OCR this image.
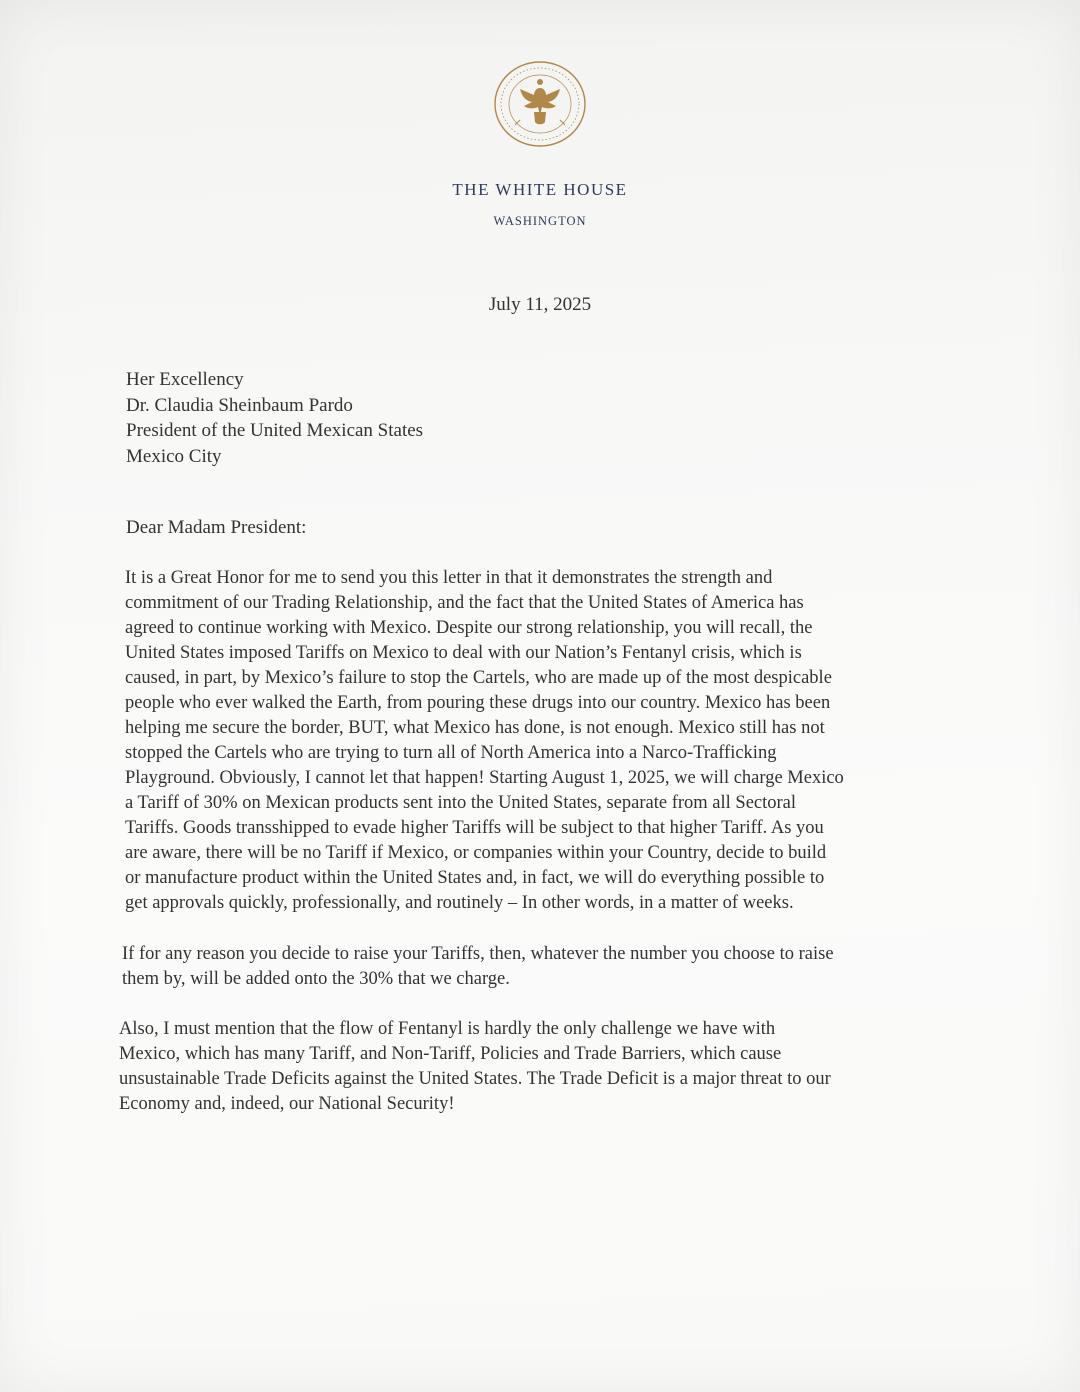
THE WHITE HOUSE
WASHINGTON
July 11, 2025
Her Excellency
Dr. Claudia Sheinbaum Pardo
President of the United Mexican States
Mexico City
Dear Madam President:
It is a Great Honor for me to send you this letter in that it demonstrates the strength and
commitment of our Trading Relationship, and the fact that the United States of America has
agreed to continue working with Mexico. Despite our strong relationship, you will recall, the
United States imposed Tariffs on Mexico to deal with our Nation’s Fentanyl crisis, which is
caused, in part, by Mexico’s failure to stop the Cartels, who are made up of the most despicable
people who ever walked the Earth, from pouring these drugs into our country. Mexico has been
helping me secure the border, BUT, what Mexico has done, is not enough. Mexico still has not
stopped the Cartels who are trying to turn all of North America into a Narco-Trafficking
Playground. Obviously, I cannot let that happen! Starting August 1, 2025, we will charge Mexico
a Tariff of 30% on Mexican products sent into the United States, separate from all Sectoral
Tariffs. Goods transshipped to evade higher Tariffs will be subject to that higher Tariff. As you
are aware, there will be no Tariff if Mexico, or companies within your Country, decide to build
or manufacture product within the United States and, in fact, we will do everything possible to
get approvals quickly, professionally, and routinely – In other words, in a matter of weeks.
If for any reason you decide to raise your Tariffs, then, whatever the number you choose to raise
them by, will be added onto the 30% that we charge.
Also, I must mention that the flow of Fentanyl is hardly the only challenge we have with
Mexico, which has many Tariff, and Non-Tariff, Policies and Trade Barriers, which cause
unsustainable Trade Deficits against the United States. The Trade Deficit is a major threat to our
Economy and, indeed, our National Security!
